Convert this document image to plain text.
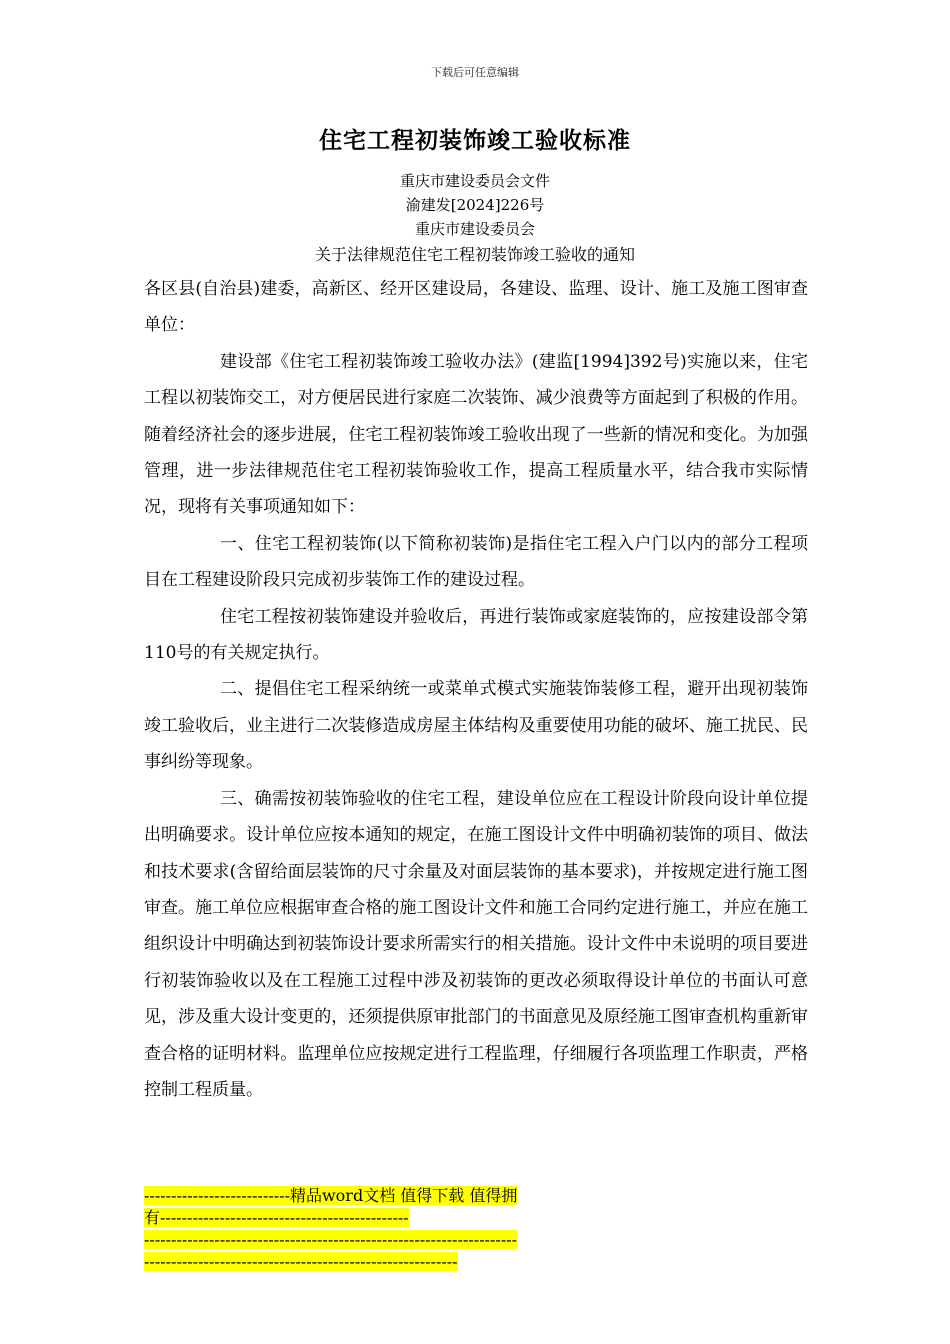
下载后可任意编辑
住宅工程初装饰竣工验收标准
重庆市建设委员会文件
渝建发[2024]226号
重庆市建设委员会
关于法律规范住宅工程初装饰竣工验收的通知

各区县(自治县)建委，高新区、经开区建设局，各建设、监理、设计、施工及施工图审查单位：

建设部《住宅工程初装饰竣工验收办法》(建监[1994]392号)实施以来，住宅工程以初装饰交工，对方便居民进行家庭二次装饰、减少浪费等方面起到了积极的作用。随着经济社会的逐步进展，住宅工程初装饰竣工验收出现了一些新的情况和变化。为加强管理，进一步法律规范住宅工程初装饰验收工作，提高工程质量水平，结合我市实际情况，现将有关事项通知如下：

一、住宅工程初装饰(以下简称初装饰)是指住宅工程入户门以内的部分工程项目在工程建设阶段只完成初步装饰工作的建设过程。

住宅工程按初装饰建设并验收后，再进行装饰或家庭装饰的，应按建设部令第110号的有关规定执行。

二、提倡住宅工程采纳统一或菜单式模式实施装饰装修工程，避开出现初装饰竣工验收后，业主进行二次装修造成房屋主体结构及重要使用功能的破坏、施工扰民、民事纠纷等现象。

三、确需按初装饰验收的住宅工程，建设单位应在工程设计阶段向设计单位提出明确要求。设计单位应按本通知的规定，在施工图设计文件中明确初装饰的项目、做法和技术要求(含留给面层装饰的尺寸余量及对面层装饰的基本要求)，并按规定进行施工图审查。施工单位应根据审查合格的施工图设计文件和施工合同约定进行施工，并应在施工组织设计中明确达到初装饰设计要求所需实行的相关措施。设计文件中未说明的项目要进行初装饰验收以及在工程施工过程中涉及初装饰的更改必须取得设计单位的书面认可意见，涉及重大设计变更的，还须提供原审批部门的书面意见及原经施工图审查机构重新审查合格的证明材料。监理单位应按规定进行工程监理，仔细履行各项监理工作职责，严格控制工程质量。

---------------------------精品word文档 值得下载 值得拥
有----------------------------------------------
---------------------------------------------------------------------
----------------------------------------------------------
